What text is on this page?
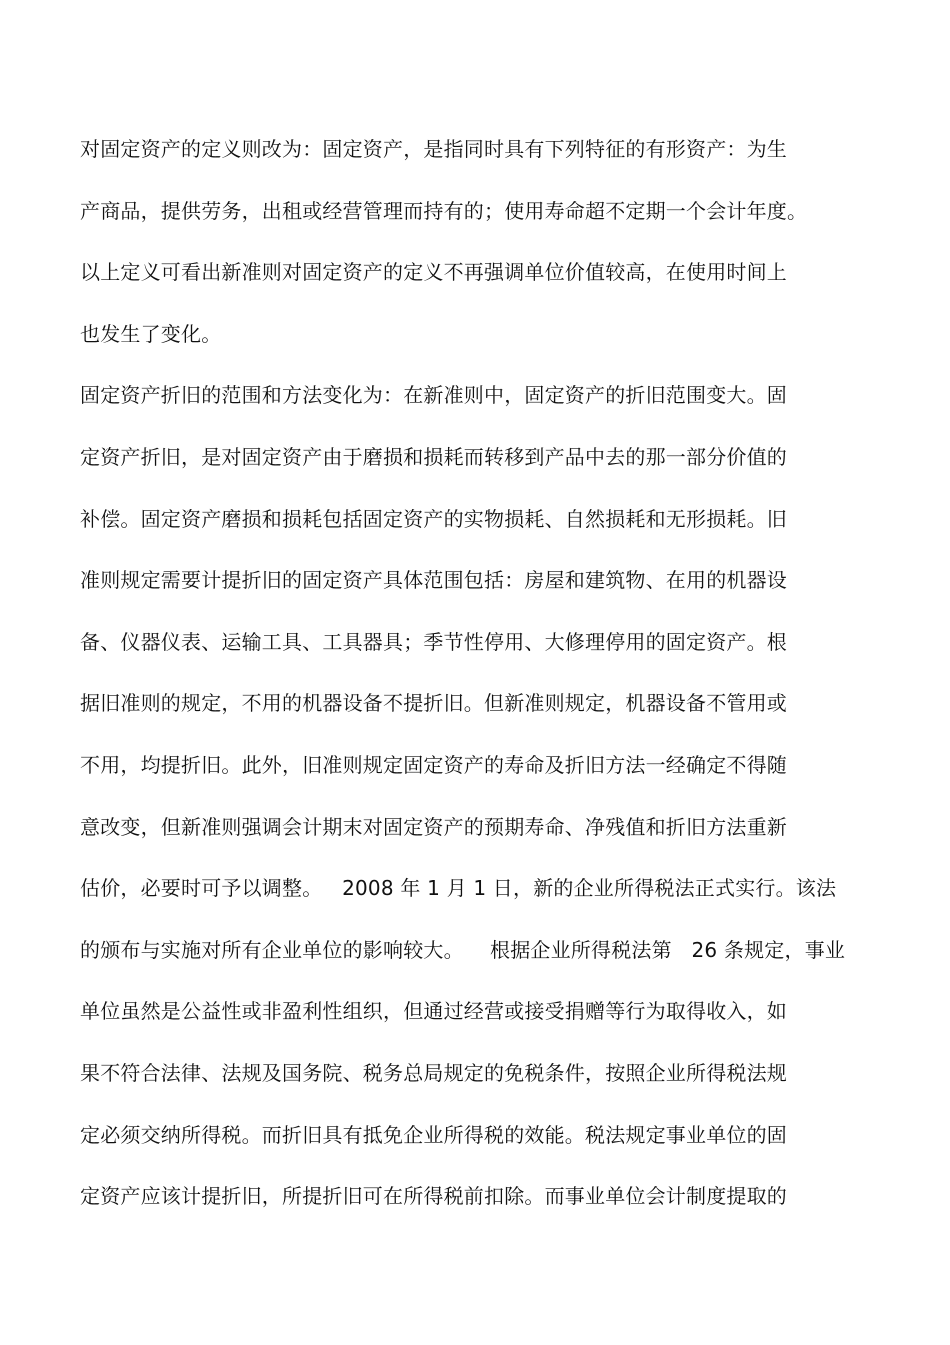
对固定资产的定义则改为：固定资产，是指同时具有下列特征的有形资产：为生
产商品，提供劳务，出租或经营管理而持有的；使用寿命超不定期一个会计年度。
以上定义可看出新准则对固定资产的定义不再强调单位价值较高，在使用时间上
也发生了变化。
固定资产折旧的范围和方法变化为：在新准则中，固定资产的折旧范围变大。固
定资产折旧，是对固定资产由于磨损和损耗而转移到产品中去的那一部分价值的
补偿。固定资产磨损和损耗包括固定资产的实物损耗、自然损耗和无形损耗。旧
准则规定需要计提折旧的固定资产具体范围包括：房屋和建筑物、在用的机器设
备、仪器仪表、运输工具、工具器具；季节性停用、大修理停用的固定资产。根
据旧准则的规定，不用的机器设备不提折旧。但新准则规定，机器设备不管用或
不用，均提折旧。此外，旧准则规定固定资产的寿命及折旧方法一经确定不得随
意改变，但新准则强调会计期末对固定资产的预期寿命、净残值和折旧方法重新
估价，必要时可予以调整。   2008 年 1 月 1 日，新的企业所得税法正式实行。该法
的颁布与实施对所有企业单位的影响较大。    根据企业所得税法第   26 条规定，事业
单位虽然是公益性或非盈利性组织，但通过经营或接受捐赠等行为取得收入，如
果不符合法律、法规及国务院、税务总局规定的免税条件，按照企业所得税法规
定必须交纳所得税。而折旧具有抵免企业所得税的效能。税法规定事业单位的固
定资产应该计提折旧，所提折旧可在所得税前扣除。而事业单位会计制度提取的
